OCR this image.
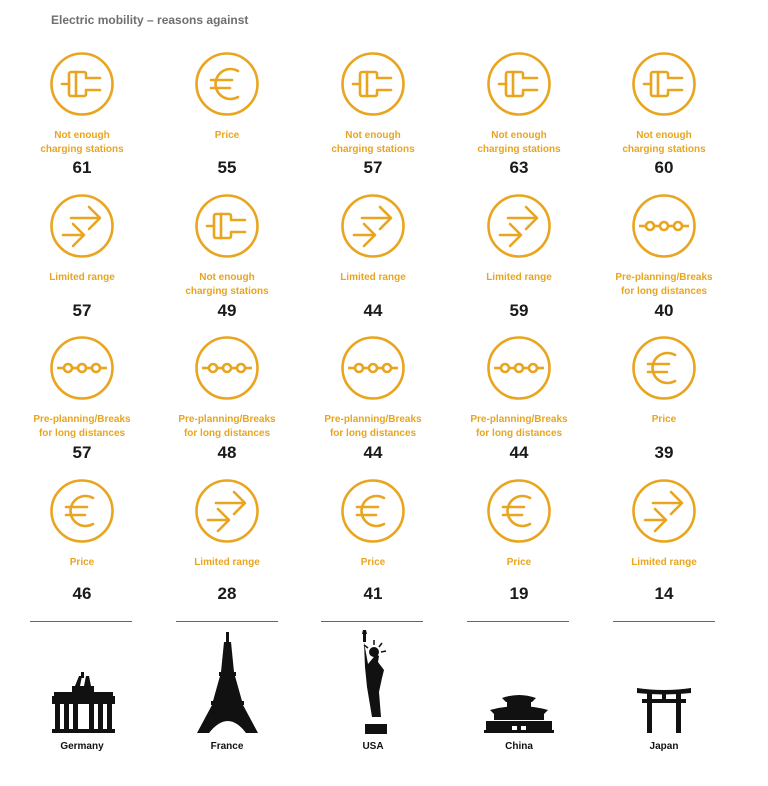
Electric mobility – reasons against
Not enough
charging stations
61
Price
55
Not enough
charging stations
57
Not enough
charging stations
63
Not enough
charging stations
60
Limited range
57
Not enough
charging stations
49
Limited range
44
Limited range
59
Pre-planning/Breaks
for long distances
40
Pre-planning/Breaks
for long distances
57
Pre-planning/Breaks
for long distances
48
Pre-planning/Breaks
for long distances
44
Pre-planning/Breaks
for long distances
44
Price
39
Price
46
Limited range
28
Price
41
Price
19
Limited range
14
Germany	France	USA	China	Japan
